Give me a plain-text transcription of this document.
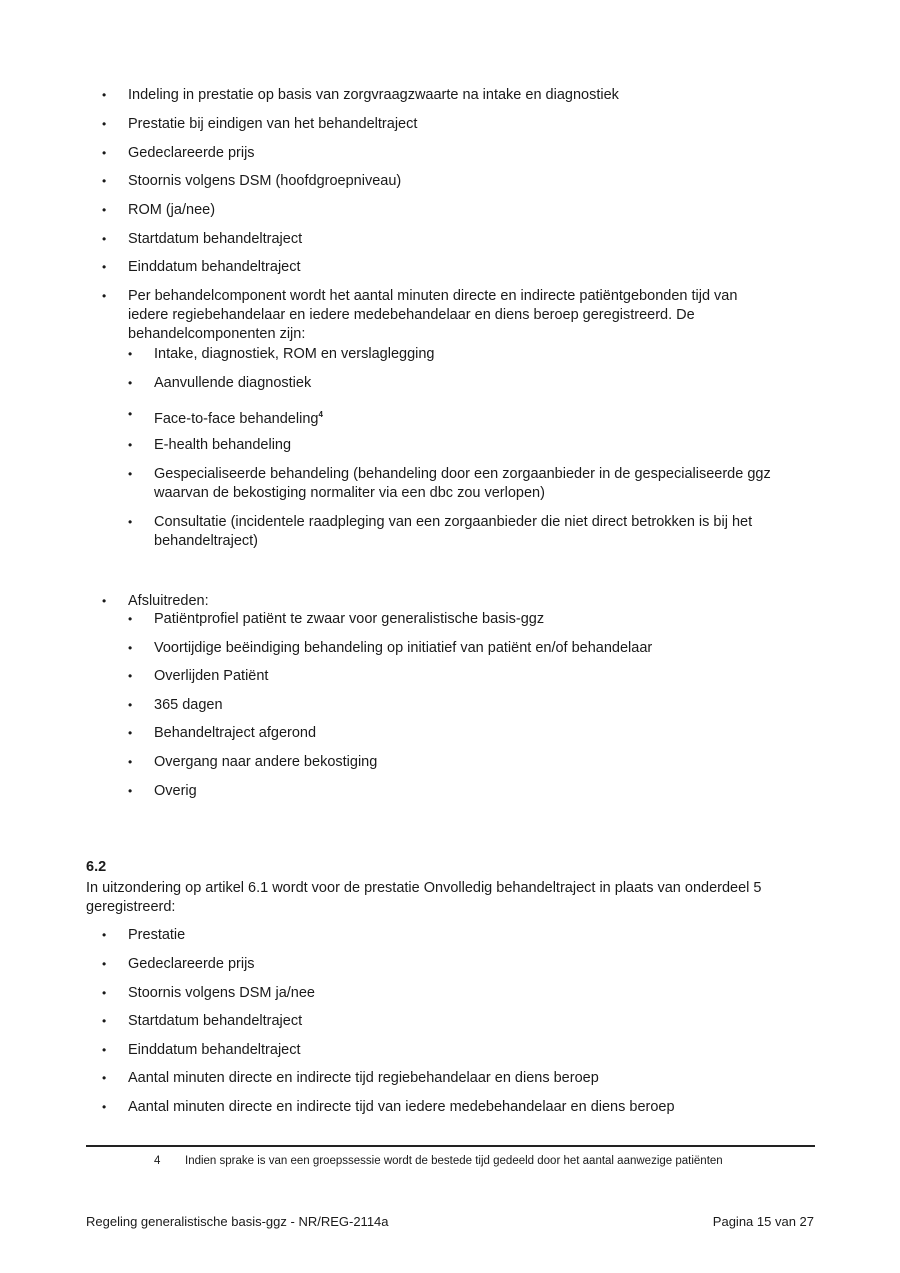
• Indeling in prestatie op basis van zorgvraagzwaarte na intake en diagnostiek
• Prestatie bij eindigen van het behandeltraject
• Gedeclareerde prijs
• Stoornis volgens DSM (hoofdgroepniveau)
• ROM (ja/nee)
• Startdatum behandeltraject
• Einddatum behandeltraject
• Per behandelcomponent wordt het aantal minuten directe en indirecte patiëntgebonden tijd van iedere regiebehandelaar en iedere medebehandelaar en diens beroep geregistreerd. De behandelcomponenten zijn:
• Intake, diagnostiek, ROM en verslaglegging
• Aanvullende diagnostiek
• Face-to-face behandeling$^4$
• E-health behandeling
• Gespecialiseerde behandeling (behandeling door een zorgaanbieder in de gespecialiseerde ggz waarvan de bekostiging normaliter via een dbc zou verlopen)
• Consultatie (incidentele raadpleging van een zorgaanbieder die niet direct betrokken is bij het behandeltraject)
• Afsluitreden:
• Patiëntprofiel patiënt te zwaar voor generalistische basis-ggz
• Voortijdige beëindiging behandeling op initiatief van patiënt en/of behandelaar
• Overlijden Patiënt
• 365 dagen
• Behandeltraject afgerond
• Overgang naar andere bekostiging
• Overig
6.2
In uitzondering op artikel 6.1 wordt voor de prestatie Onvolledig behandeltraject in plaats van onderdeel 5 geregistreerd:
• Prestatie
• Gedeclareerde prijs
• Stoornis volgens DSM ja/nee
• Startdatum behandeltraject
• Einddatum behandeltraject
• Aantal minuten directe en indirecte tijd regiebehandelaar en diens beroep
• Aantal minuten directe en indirecte tijd van iedere medebehandelaar en diens beroep
4 Indien sprake is van een groepssessie wordt de bestede tijd gedeeld door het aantal aanwezige patiënten
Regeling generalistische basis-ggz - NR/REG-2114a	Pagina 15 van 27
